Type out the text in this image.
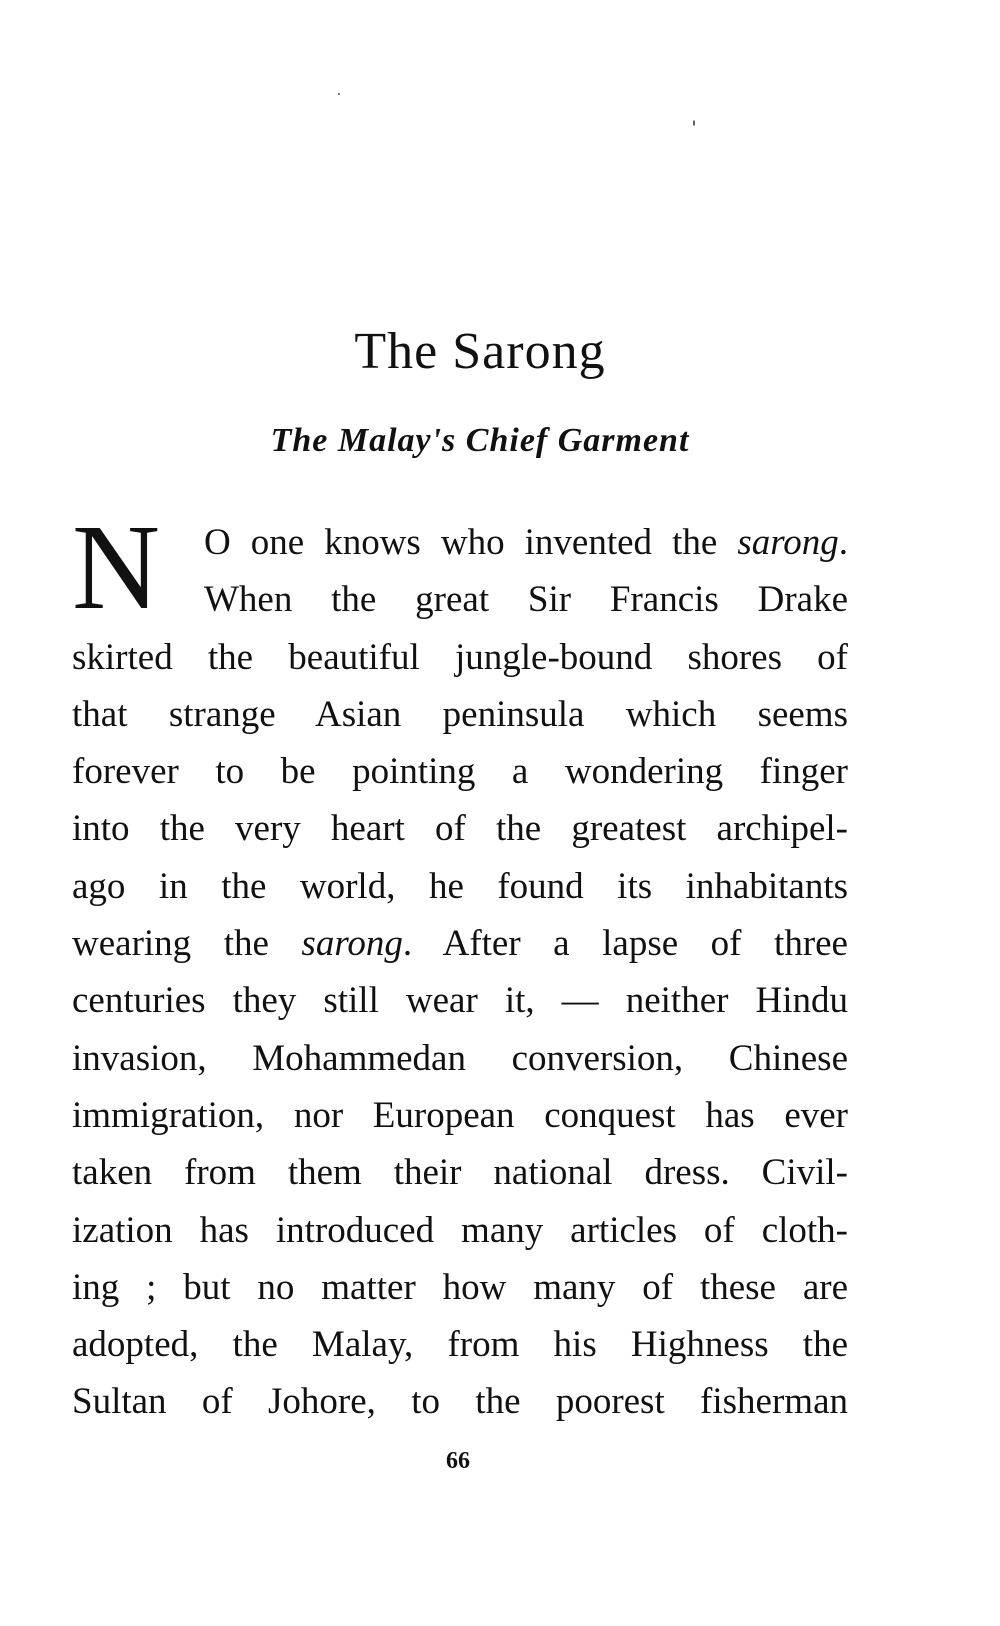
The Sarong
The Malay's Chief Garment
N	O one knows who invented the sarong.
When the great Sir Francis Drake
skirted the beautiful jungle-bound shores of
that strange Asian peninsula which seems
forever to be pointing a wondering finger
into the very heart of the greatest archipel-
ago in the world, he found its inhabitants
wearing the sarong. After a lapse of three
centuries they still wear it, — neither Hindu
invasion, Mohammedan conversion, Chinese
immigration, nor European conquest has ever
taken from them their national dress. Civil-
ization has introduced many articles of cloth-
ing ; but no matter how many of these are
adopted, the Malay, from his Highness the
Sultan of Johore, to the poorest fisherman

66
